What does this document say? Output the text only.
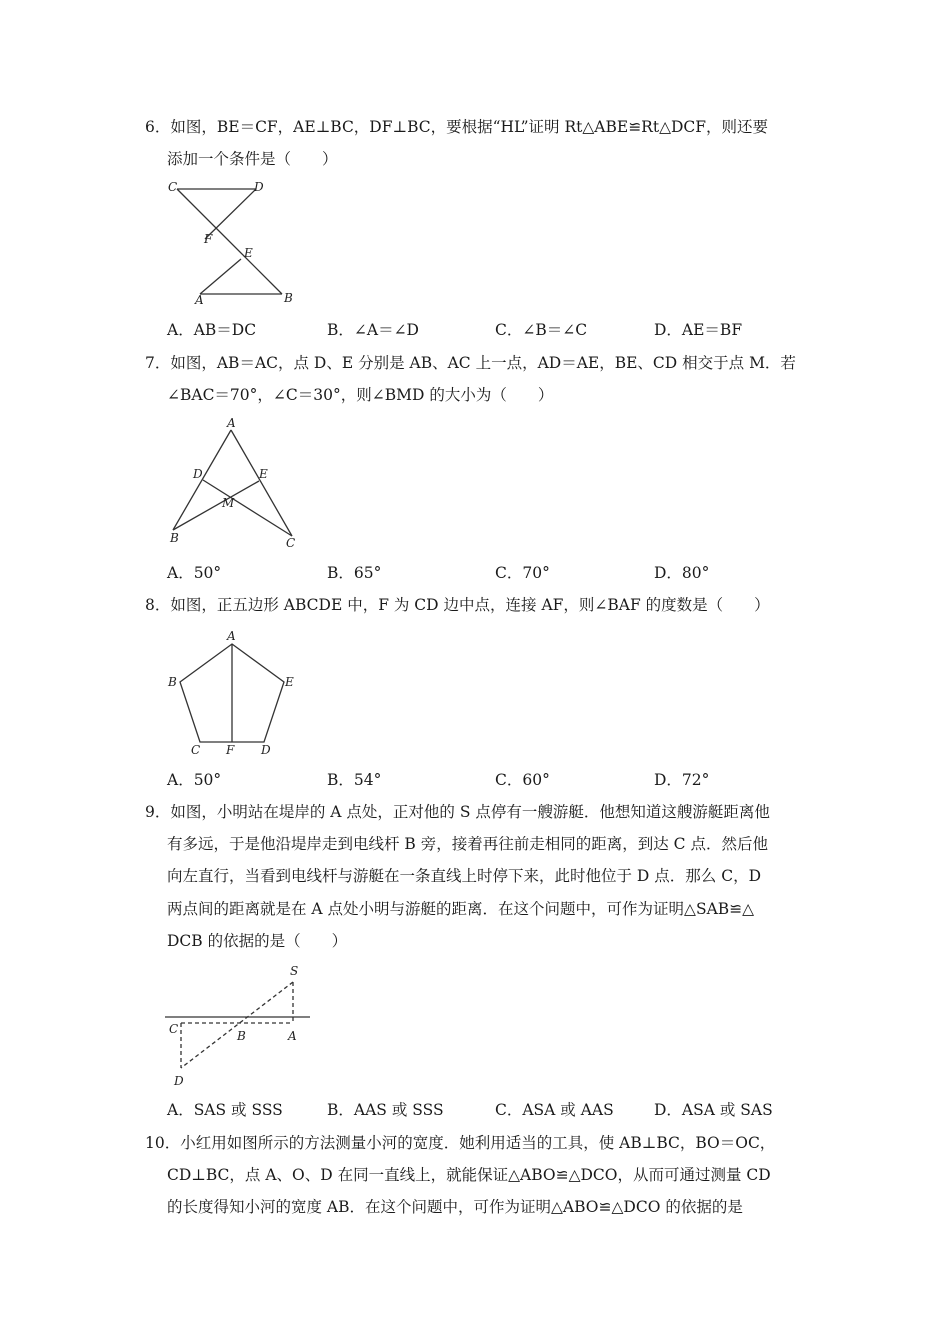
6．如图，BE＝CF，AE⊥BC，DF⊥BC，要根据“HL”证明 Rt△ABE≌Rt△DCF，则还要
添加一个条件是（　　）
C	D
F
E
A	B
A．AB＝DC	B．∠A＝∠D	C．∠B＝∠C	D．AE＝BF
7．如图，AB＝AC，点 D、E 分别是 AB、AC 上一点，AD＝AE，BE、CD 相交于点 M．若
∠BAC＝70°，∠C＝30°，则∠BMD 的大小为（　　）
A
D	E
M
B	C
A．50°	B．65°	C．70°	D．80°
8．如图，正五边形 ABCDE 中，F 为 CD 边中点，连接 AF，则∠BAF 的度数是（　　）
A
B	E
C F D
A．50°	B．54°	C．60°	D．72°
9．如图，小明站在堤岸的 A 点处，正对他的 S 点停有一艘游艇．他想知道这艘游艇距离他
有多远，于是他沿堤岸走到电线杆 B 旁，接着再往前走相同的距离，到达 C 点．然后他
向左直行，当看到电线杆与游艇在一条直线上时停下来，此时他位于 D 点．那么 C，D
两点间的距离就是在 A 点处小明与游艇的距离．在这个问题中，可作为证明△SAB≌△
DCB 的依据的是（　　）
S
C	B	A
D
A．SAS 或 SSS	B．AAS 或 SSS	C．ASA 或 AAS	D．ASA 或 SAS
10．小红用如图所示的方法测量小河的宽度．她利用适当的工具，使 AB⊥BC，BO＝OC，
CD⊥BC，点 A、O、D 在同一直线上，就能保证△ABO≌△DCO，从而可通过测量 CD
的长度得知小河的宽度 AB．在这个问题中，可作为证明△ABO≌△DCO 的依据的是
